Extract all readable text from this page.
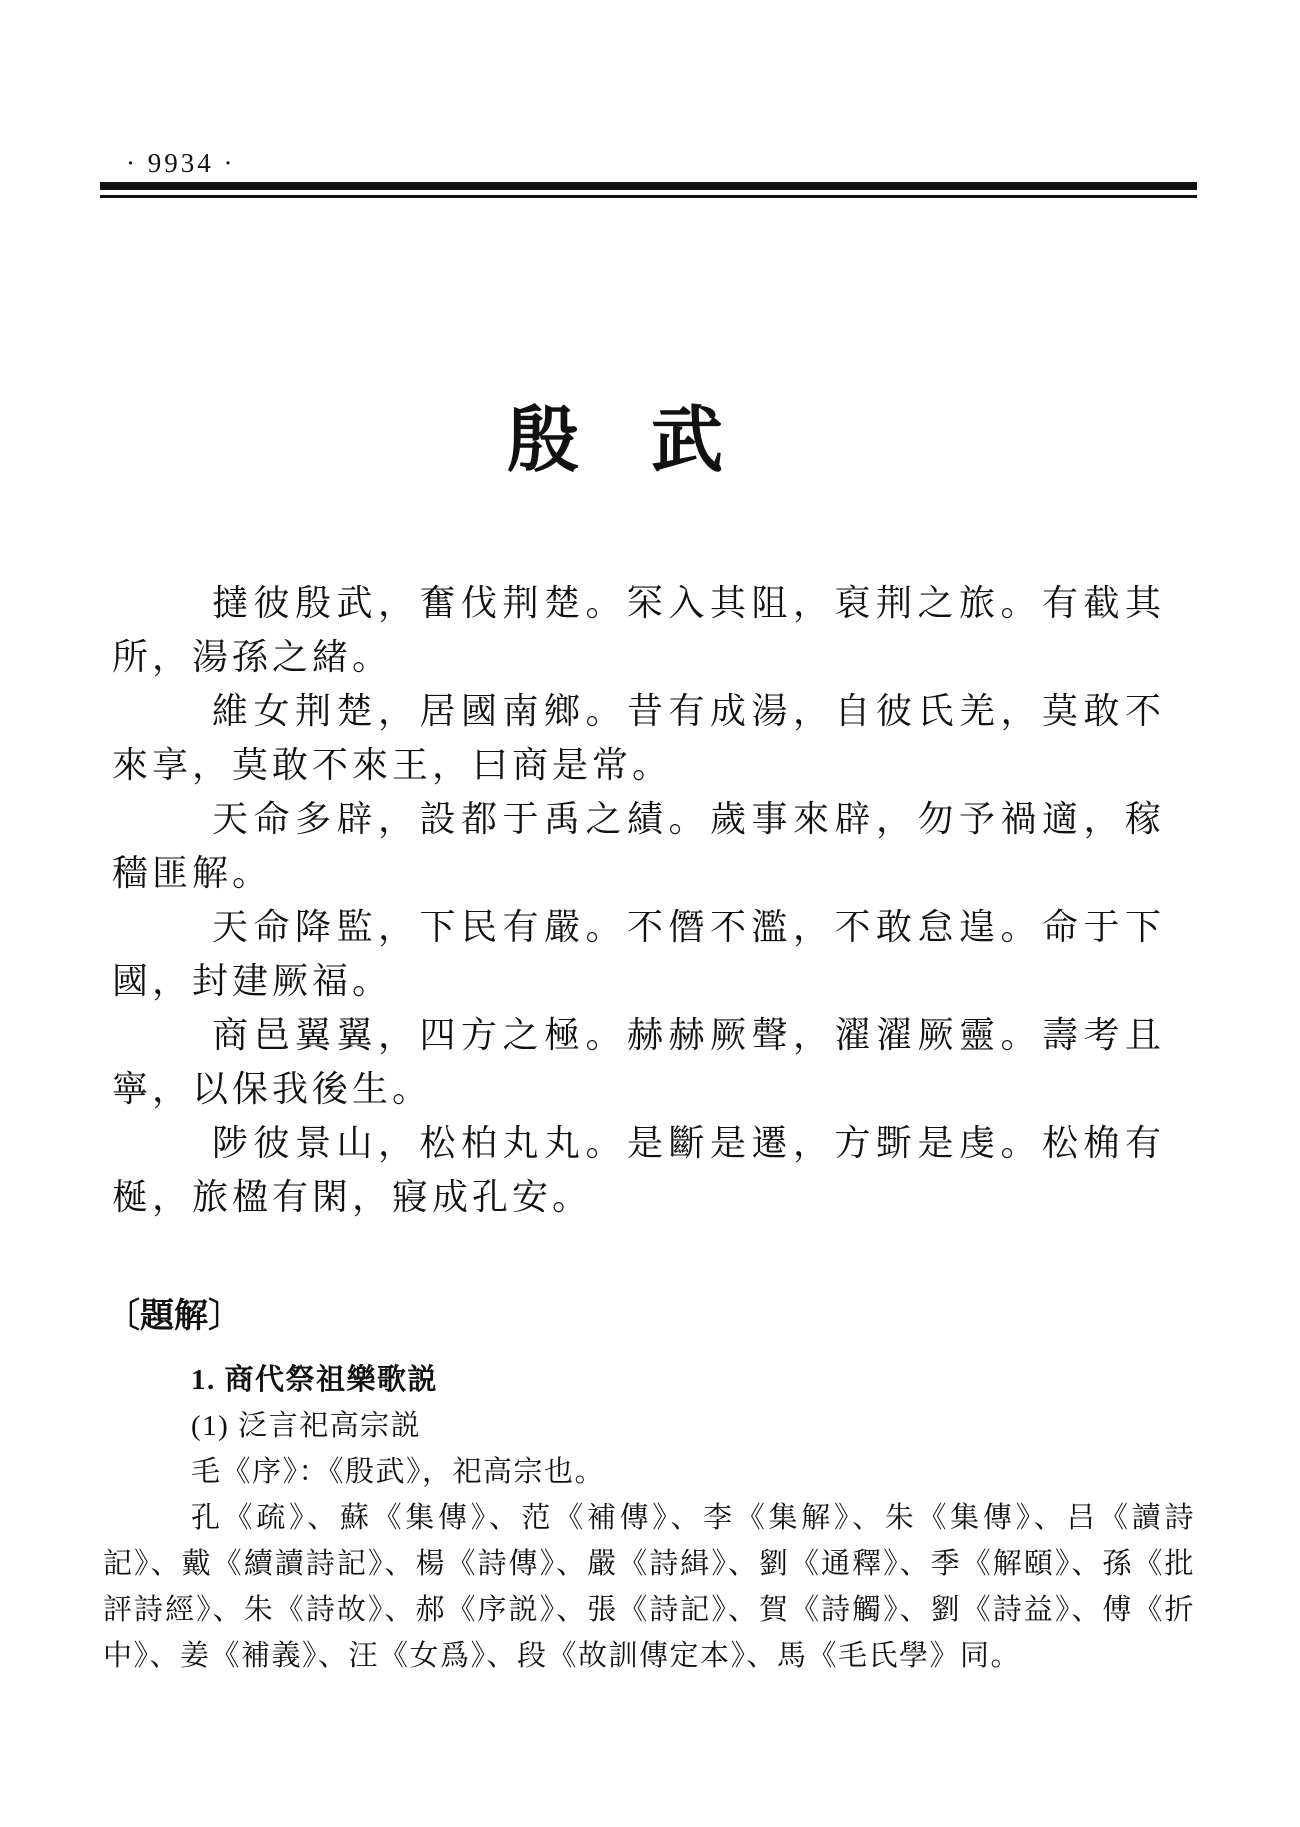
· 9934 ·
殷　武

撻彼殷武，奮伐荆楚。罙入其阻，裒荆之旅。有截其所，湯孫之緒。

維女荆楚，居國南鄉。昔有成湯，自彼氏羌，莫敢不來享，莫敢不來王，曰商是常。

天命多辟，設都于禹之績。歲事來辟，勿予禍適，稼穡匪解。

天命降監，下民有嚴。不僭不濫，不敢怠遑。命于下國，封建厥福。

商邑翼翼，四方之極。赫赫厥聲，濯濯厥靈。壽考且寧，以保我後生。

陟彼景山，松柏丸丸。是斷是遷，方斲是虔。松桷有梴，旅楹有閑，寢成孔安。

〔題解〕

1. 商代祭祖樂歌説

(1) 泛言祀高宗説

毛《序》：《殷武》，祀高宗也。

孔《疏》、蘇《集傳》、范《補傳》、李《集解》、朱《集傳》、吕《讀詩記》、戴《續讀詩記》、楊《詩傳》、嚴《詩緝》、劉《通釋》、季《解頤》、孫《批評詩經》、朱《詩故》、郝《序説》、張《詩記》、賀《詩觸》、劉《詩益》、傅《折中》、姜《補義》、汪《女爲》、段《故訓傳定本》、馬《毛氏學》同。
